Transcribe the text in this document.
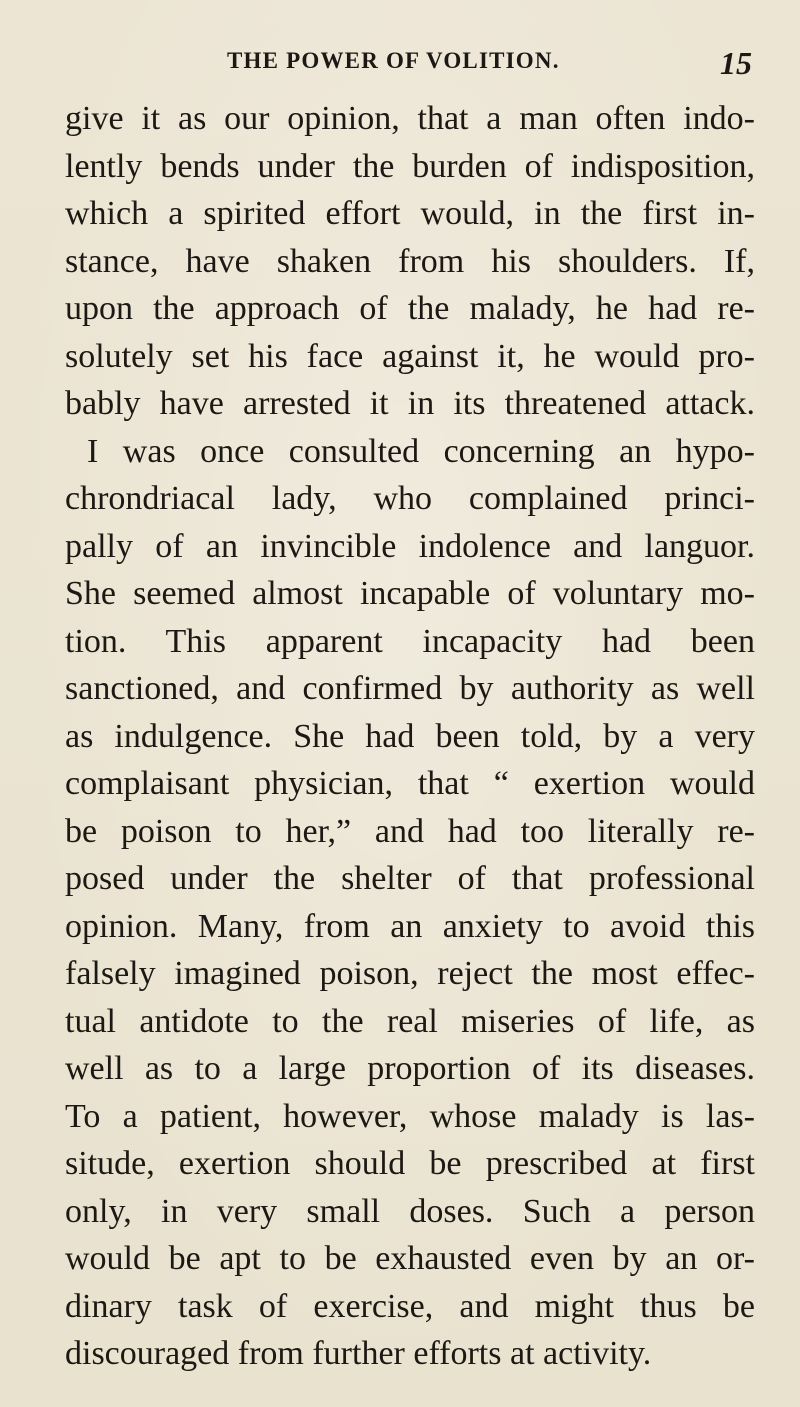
THE POWER OF VOLITION.	15
give it as our opinion, that a man often indo-
lently bends under the burden of indisposition,
which a spirited effort would, in the first in-
stance, have shaken from his shoulders. If,
upon the approach of the malady, he had re-
solutely set his face against it, he would pro-
bably have arrested it in its threatened attack.
I was once consulted concerning an hypo-
chrondriacal lady, who complained princi-
pally of an invincible indolence and languor.
She seemed almost incapable of voluntary mo-
tion. This apparent incapacity had been
sanctioned, and confirmed by authority as well
as indulgence. She had been told, by a very
complaisant physician, that “ exertion would
be poison to her,” and had too literally re-
posed under the shelter of that professional
opinion. Many, from an anxiety to avoid this
falsely imagined poison, reject the most effec-
tual antidote to the real miseries of life, as
well as to a large proportion of its diseases.
To a patient, however, whose malady is las-
situde, exertion should be prescribed at first
only, in very small doses. Such a person
would be apt to be exhausted even by an or-
dinary task of exercise, and might thus be
discouraged from further efforts at activity.
